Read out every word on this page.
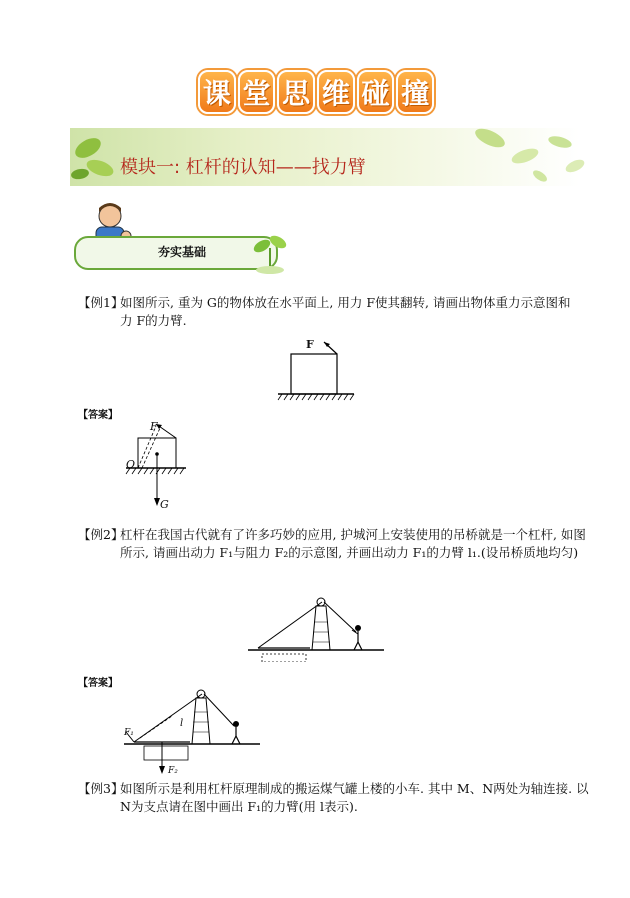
课 堂 思 维 碰 撞
模块一: 杠杆的认知——找力臂
夯实基础
【例1】
如图所示, 重为 G的物体放在水平面上, 用力 F使其翻转, 请画出物体重力示意图和
力 F的力臂.
F
【答案】
F
O
G
【例2】
杠杆在我国古代就有了许多巧妙的应用, 护城河上安装使用的吊桥就是一个杠杆, 如图
所示, 请画出动力 F₁与阻力 F₂的示意图, 并画出动力 F₁的力臂 l₁.(设吊桥质地均匀)
【答案】
F₁
F₂
l
【例3】
如图所示是利用杠杆原理制成的搬运煤气罐上楼的小车. 其中 M、N两处为轴连接. 以
N为支点请在图中画出 F₁的力臂(用 l表示).
